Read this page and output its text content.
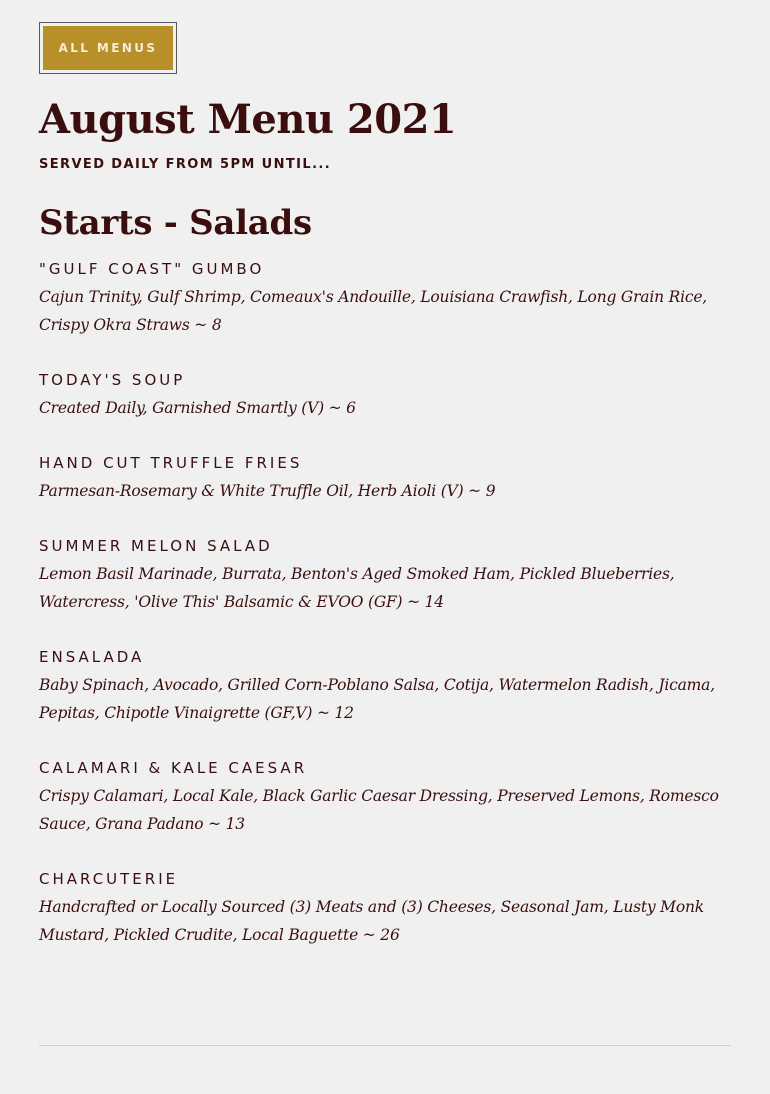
ALL MENUS
August Menu 2021
SERVED DAILY FROM 5PM UNTIL...
Starts - Salads
"GULF COAST" GUMBO
Cajun Trinity, Gulf Shrimp, Comeaux's Andouille, Louisiana Crawfish, Long Grain Rice, Crispy Okra Straws ~ 8
TODAY'S SOUP
Created Daily, Garnished Smartly (V) ~ 6
HAND CUT TRUFFLE FRIES
Parmesan-Rosemary & White Truffle Oil, Herb Aioli (V) ~ 9
SUMMER MELON SALAD
Lemon Basil Marinade, Burrata, Benton's Aged Smoked Ham, Pickled Blueberries, Watercress, 'Olive This' Balsamic & EVOO (GF) ~ 14
ENSALADA
Baby Spinach, Avocado, Grilled Corn-Poblano Salsa, Cotija, Watermelon Radish, Jicama, Pepitas, Chipotle Vinaigrette (GF,V) ~ 12
CALAMARI & KALE CAESAR
Crispy Calamari, Local Kale, Black Garlic Caesar Dressing, Preserved Lemons, Romesco Sauce, Grana Padano ~ 13
CHARCUTERIE
Handcrafted or Locally Sourced (3) Meats and (3) Cheeses, Seasonal Jam, Lusty Monk Mustard, Pickled Crudite, Local Baguette ~ 26
